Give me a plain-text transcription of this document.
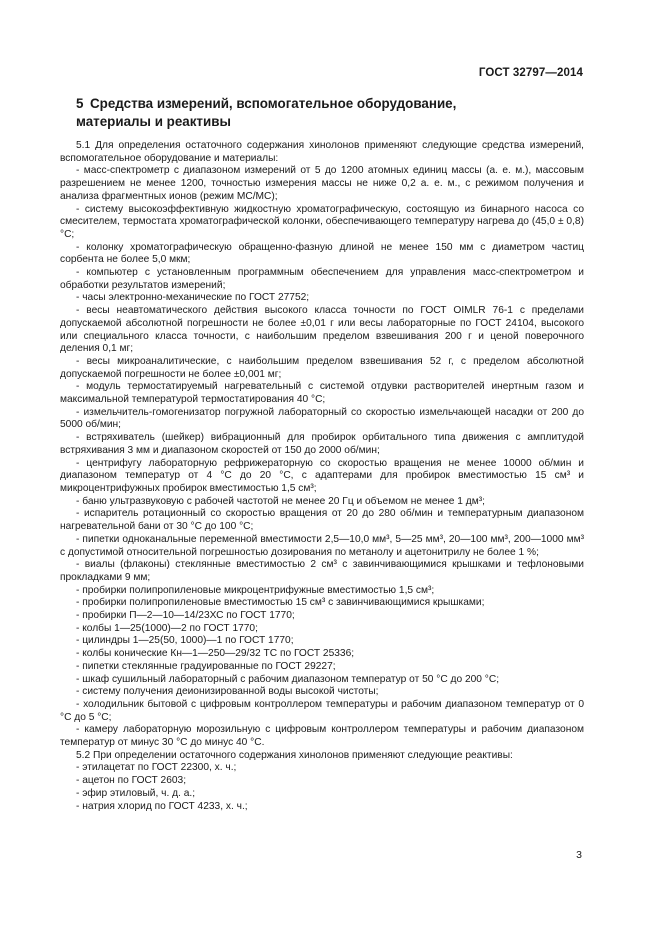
ГОСТ 32797—2014
5 Средства измерений, вспомогательное оборудование,
материалы и реактивы

5.1 Для определения остаточного содержания хинолонов применяют следующие средства измерений, вспомогательное оборудование и материалы:

- масс-спектрометр с диапазоном измерений от 5 до 1200 атомных единиц массы (а. е. м.), массовым разрешением не менее 1200, точностью измерения массы не ниже 0,2 а. е. м., с режимом получения и анализа фрагментных ионов (режим МС/МС);

- систему высокоэффективную жидкостную хроматографическую, состоящую из бинарного насоса со смесителем, термостата хроматографической колонки, обеспечивающего температуру нагрева до (45,0 ± 0,8) °С;

- колонку хроматографическую обращенно-фазную длиной не менее 150 мм с диаметром частиц сорбента не более 5,0 мкм;

- компьютер с установленным программным обеспечением для управления масс-спектрометром и обработки результатов измерений;

- часы электронно-механические по ГОСТ 27752;

- весы неавтоматического действия высокого класса точности по ГОСТ OIMLR 76-1 с пределами допускаемой абсолютной погрешности не более ±0,01 г или весы лабораторные по ГОСТ 24104, высокого или специального класса точности, с наибольшим пределом взвешивания 200 г и ценой поверочного деления 0,1 мг;

- весы микроаналитические, с наибольшим пределом взвешивания 52 г, с пределом абсолютной допускаемой погрешности не более ±0,001 мг;

- модуль термостатируемый нагревательный с системой отдувки растворителей инертным газом и максимальной температурой термостатирования 40 °С;

- измельчитель-гомогенизатор погружной лабораторный со скоростью измельчающей насадки от 200 до 5000 об/мин;

- встряхиватель (шейкер) вибрационный для пробирок орбитального типа движения с амплитудой встряхивания 3 мм и диапазоном скоростей от 150 до 2000 об/мин;

- центрифугу лабораторную рефрижераторную со скоростью вращения не менее 10000 об/мин и диапазоном температур от 4 °С до 20 °С, с адаптерами для пробирок вместимостью 15 см³ и микроцентрифужных пробирок вместимостью 1,5 см³;

- баню ультразвуковую с рабочей частотой не менее 20 Гц и объемом не менее 1 дм³;

- испаритель ротационный со скоростью вращения от 20 до 280 об/мин и температурным диапазоном нагревательной бани от 30 °С до 100 °С;

- пипетки одноканальные переменной вместимости 2,5—10,0 мм³, 5—25 мм³, 20—100 мм³, 200—1000 мм³ с допустимой относительной погрешностью дозирования по метанолу и ацетонитрилу не более 1 %;

- виалы (флаконы) стеклянные вместимостью 2 см³ с завинчивающимися крышками и тефлоновыми прокладками 9 мм;

- пробирки полипропиленовые микроцентрифужные вместимостью 1,5 см³;

- пробирки полипропиленовые вместимостью 15 см³ с завинчивающимися крышками;

- пробирки П—2—10—14/23ХС по ГОСТ 1770;

- колбы 1—25(1000)—2 по ГОСТ 1770;

- цилиндры 1—25(50, 1000)—1 по ГОСТ 1770;

- колбы конические Кн—1—250—29/32 ТС по ГОСТ 25336;

- пипетки стеклянные градуированные по ГОСТ 29227;

- шкаф сушильный лабораторный с рабочим диапазоном температур от 50 °С до 200 °С;

- систему получения деионизированной воды высокой чистоты;

- холодильник бытовой с цифровым контроллером температуры и рабочим диапазоном температур от 0 °С до 5 °С;

- камеру лабораторную морозильную с цифровым контроллером температуры и рабочим диапазоном температур от минус 30 °С до минус 40 °С.

5.2 При определении остаточного содержания хинолонов применяют следующие реактивы:

- этилацетат по ГОСТ 22300, х. ч.;

- ацетон по ГОСТ 2603;

- эфир этиловый, ч. д. а.;

- натрия хлорид по ГОСТ 4233, х. ч.;

3
